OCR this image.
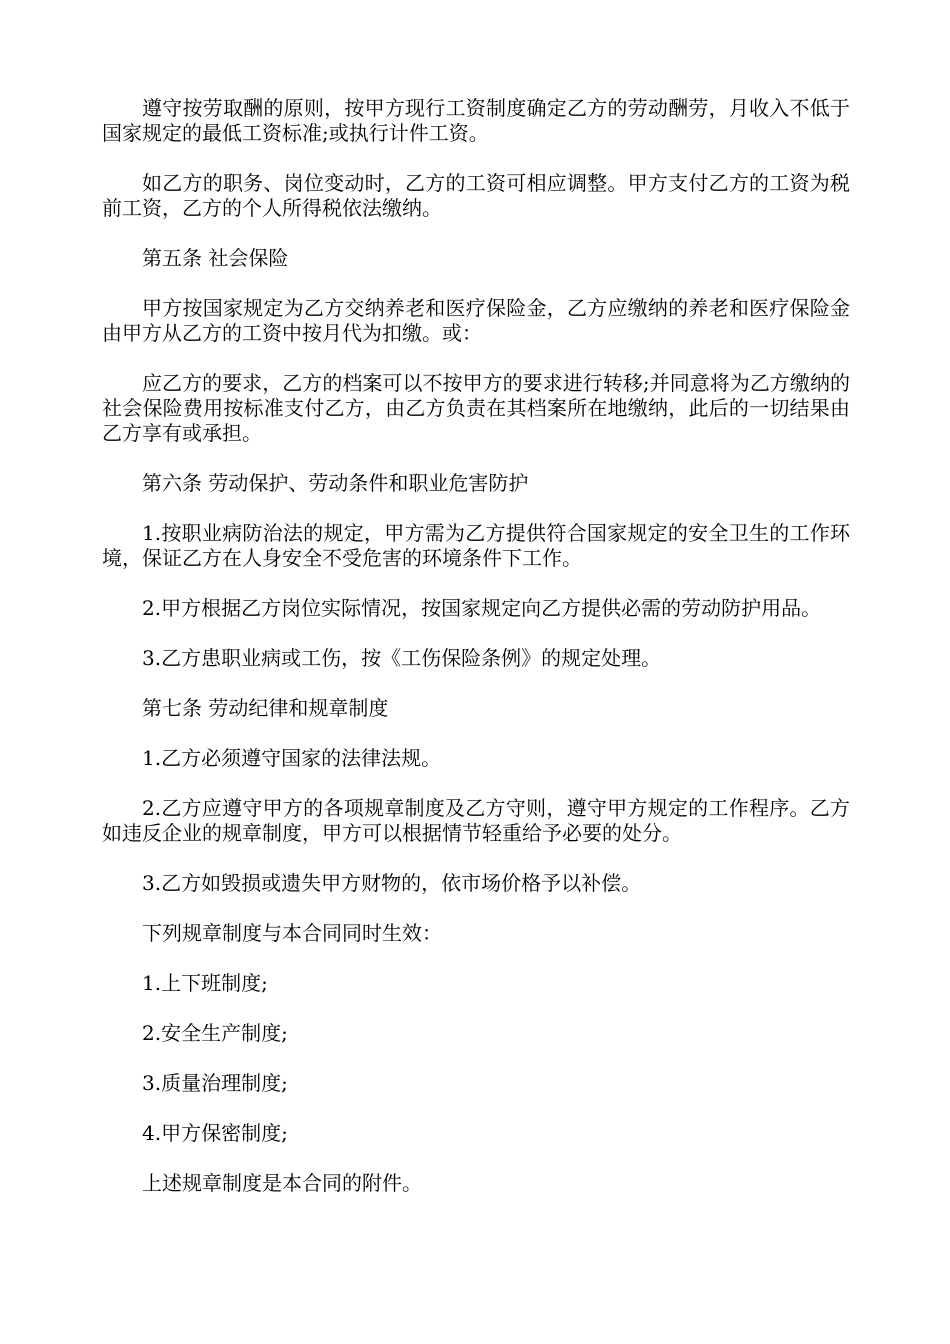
遵守按劳取酬的原则，按甲方现行工资制度确定乙方的劳动酬劳，月收入不低于国家规定的最低工资标准;或执行计件工资。

如乙方的职务、岗位变动时，乙方的工资可相应调整。甲方支付乙方的工资为税前工资，乙方的个人所得税依法缴纳。

第五条 社会保险

甲方按国家规定为乙方交纳养老和医疗保险金，乙方应缴纳的养老和医疗保险金由甲方从乙方的工资中按月代为扣缴。或：

应乙方的要求，乙方的档案可以不按甲方的要求进行转移;并同意将为乙方缴纳的社会保险费用按标准支付乙方，由乙方负责在其档案所在地缴纳，此后的一切结果由乙方享有或承担。

第六条 劳动保护、劳动条件和职业危害防护

1.按职业病防治法的规定，甲方需为乙方提供符合国家规定的安全卫生的工作环境，保证乙方在人身安全不受危害的环境条件下工作。

2.甲方根据乙方岗位实际情况，按国家规定向乙方提供必需的劳动防护用品。

3.乙方患职业病或工伤，按《工伤保险条例》的规定处理。

第七条 劳动纪律和规章制度

1.乙方必须遵守国家的法律法规。

2.乙方应遵守甲方的各项规章制度及乙方守则，遵守甲方规定的工作程序。乙方如违反企业的规章制度，甲方可以根据情节轻重给予必要的处分。

3.乙方如毁损或遗失甲方财物的，依市场价格予以补偿。

下列规章制度与本合同同时生效：

1.上下班制度;

2.安全生产制度;

3.质量治理制度;

4.甲方保密制度;

上述规章制度是本合同的附件。
